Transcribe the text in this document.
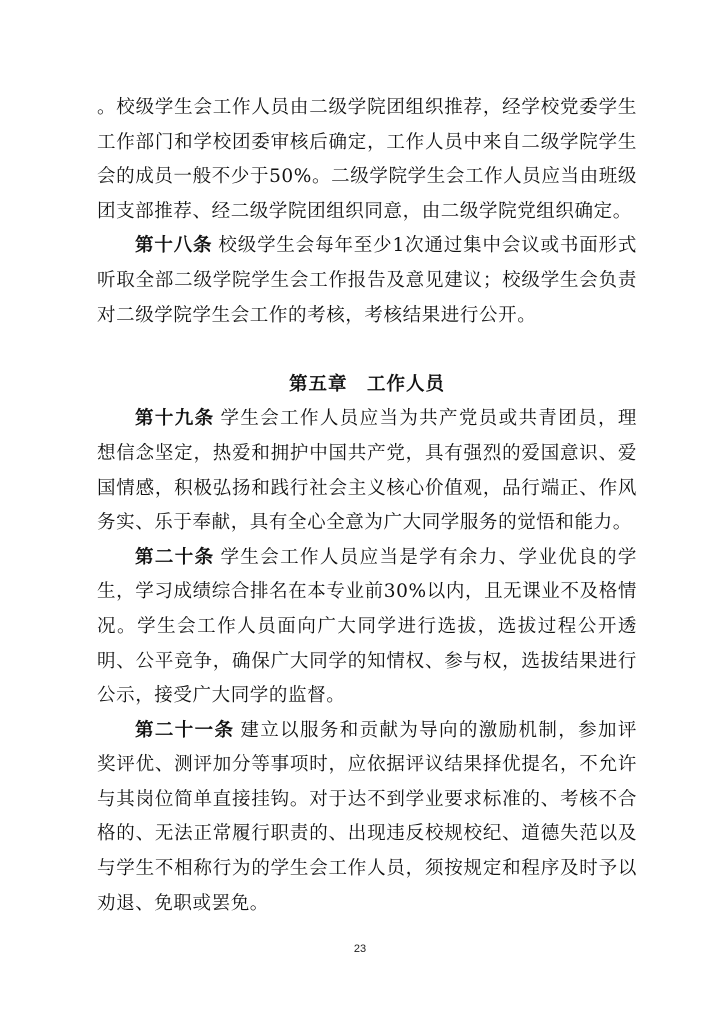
。校级学生会工作人员由二级学院团组织推荐，经学校党委学生工作部门和学校团委审核后确定，工作人员中来自二级学院学生会的成员一般不少于50%。二级学院学生会工作人员应当由班级团支部推荐、经二级学院团组织同意，由二级学院党组织确定。

第十八条 校级学生会每年至少1次通过集中会议或书面形式听取全部二级学院学生会工作报告及意见建议；校级学生会负责对二级学院学生会工作的考核，考核结果进行公开。

第五章　工作人员

第十九条 学生会工作人员应当为共产党员或共青团员，理想信念坚定，热爱和拥护中国共产党，具有强烈的爱国意识、爱国情感，积极弘扬和践行社会主义核心价值观，品行端正、作风务实、乐于奉献，具有全心全意为广大同学服务的觉悟和能力。

第二十条 学生会工作人员应当是学有余力、学业优良的学生，学习成绩综合排名在本专业前30%以内，且无课业不及格情况。学生会工作人员面向广大同学进行选拔，选拔过程公开透明、公平竞争，确保广大同学的知情权、参与权，选拔结果进行公示，接受广大同学的监督。

第二十一条 建立以服务和贡献为导向的激励机制，参加评奖评优、测评加分等事项时，应依据评议结果择优提名，不允许与其岗位简单直接挂钩。对于达不到学业要求标准的、考核不合格的、无法正常履行职责的、出现违反校规校纪、道德失范以及与学生不相称行为的学生会工作人员，须按规定和程序及时予以劝退、免职或罢免。

23
